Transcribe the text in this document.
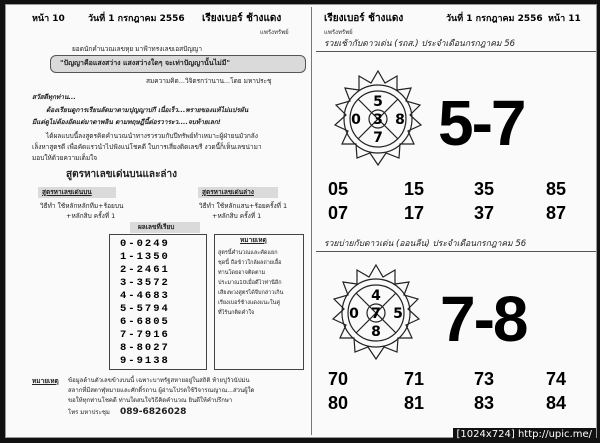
หน้า 10	วันที่ 1 กรกฎาคม 2556 เรียงเบอร์ ช้างแดง
แพรังทรัพย์
ยอดนักคำนวณเลขหุย มาฟ้าทรงเลขเอสปัญญา
"ปัญญาคือแสงสว่าง แสงสว่างใดๆ จะเท่าปัญญานั้นไม่มี"
สมความคิด...วิจิตรกว่านาน...โดย มหาประชุ
สวัสดีทุกท่าน...
ต้องเรียนดูการเรียนลัดมาตามปุญญาปกี เนื่อเร็ว...พรายของแท้ไม่แปรผัน
มีแต่ดูไม่ต้องอัดแต่มาตาพลิน ตามทฤษฎีนี้ต่อรวาระว....จบท้ายเลก!
ได้ผลแบบนี้ลงสูตรคิดคำนวณนำทางรวรวมกับปีทรัพย์ทำเหมาะผู้ฝ่ายนมัวกลัง
เล็งหาสูตรดี เพื่อคัดแรวนำไปฟังแน่โชคดี ในการเสี่ยงติดเลขรี งวดนี้ก็เห็นเลขน่ามา
มอบให้ด้วยความเต็มใจ
สูตรหาเลขเด่นบนและล่าง
สูตรหาเลขเด่นบน
วิธีทำ ใช้หลักหลักทีม+ร้อยบน
+หลักสิบ ครั้งที่ 1
สูตรหาเลขเด่นล่าง
วิธีทำ ใช้หลักแสน+ร้อยครั้งที่ 1
+หลักสิบ ครั้งที่ 1
ผลเลขที่เรียบ
0-0249
1-1350
2-2461
3-3572
4-4683
5-5794
6-6805
7-7916
8-8027
9-9138
หมายเหตุ
สูตรนี้คำนวณและคัดแยก
ชุดนี้ ถือข้าวใกล้ผลถ่ายเอื้อ
ท่านโดยอาจติดตาม
ประมาณ10เมื่อดีไวท่านีอีก
เสียงพวงสูตรได้จีบกล่าวเกิน
เรียงเบอร์ช้างแดงแนะในคู่
ที่ไร้นกติดคำใจ
หมายเหตุ ข้อมูลด้านตัวเลขข้างบนนี้ เฉพาะบาทรัฐสหายอยู่ในสถิติ ท้ายปูวัวนัปม่น
สลากที่มีสตาฬุหมายและศักดิ์รถาน ผู้อ่านโปรดใช้วิจารณญาณ...ส่วนผู้ใด
ขอให้ทุกท่านโชคดี ท่านใดสนใจวิธีคิดคำนวณ ยินดีให้คำปรึกษา
โทร มหาประชุม 089-6826028
เรียงเบอร์ ช้างแดง
แพรังทรัพย์
วันที่ 1 กรกฎาคม 2556 หน้า 11
รวยเช้ากับดาวเด่น (รถส.) ประจำเดือนกรกฎาคม 56
5
0 3 8
7 5-7
05	15	35	85
07	17	37	87
รวยบ่ายกับดาวเด่น (ออนลีน) ประจำเดือนกรกฎาคม 56
4
0 7 5
8 7-8
70	71	73	74
80	81	83	84
[1024x724] http://upic.me/
